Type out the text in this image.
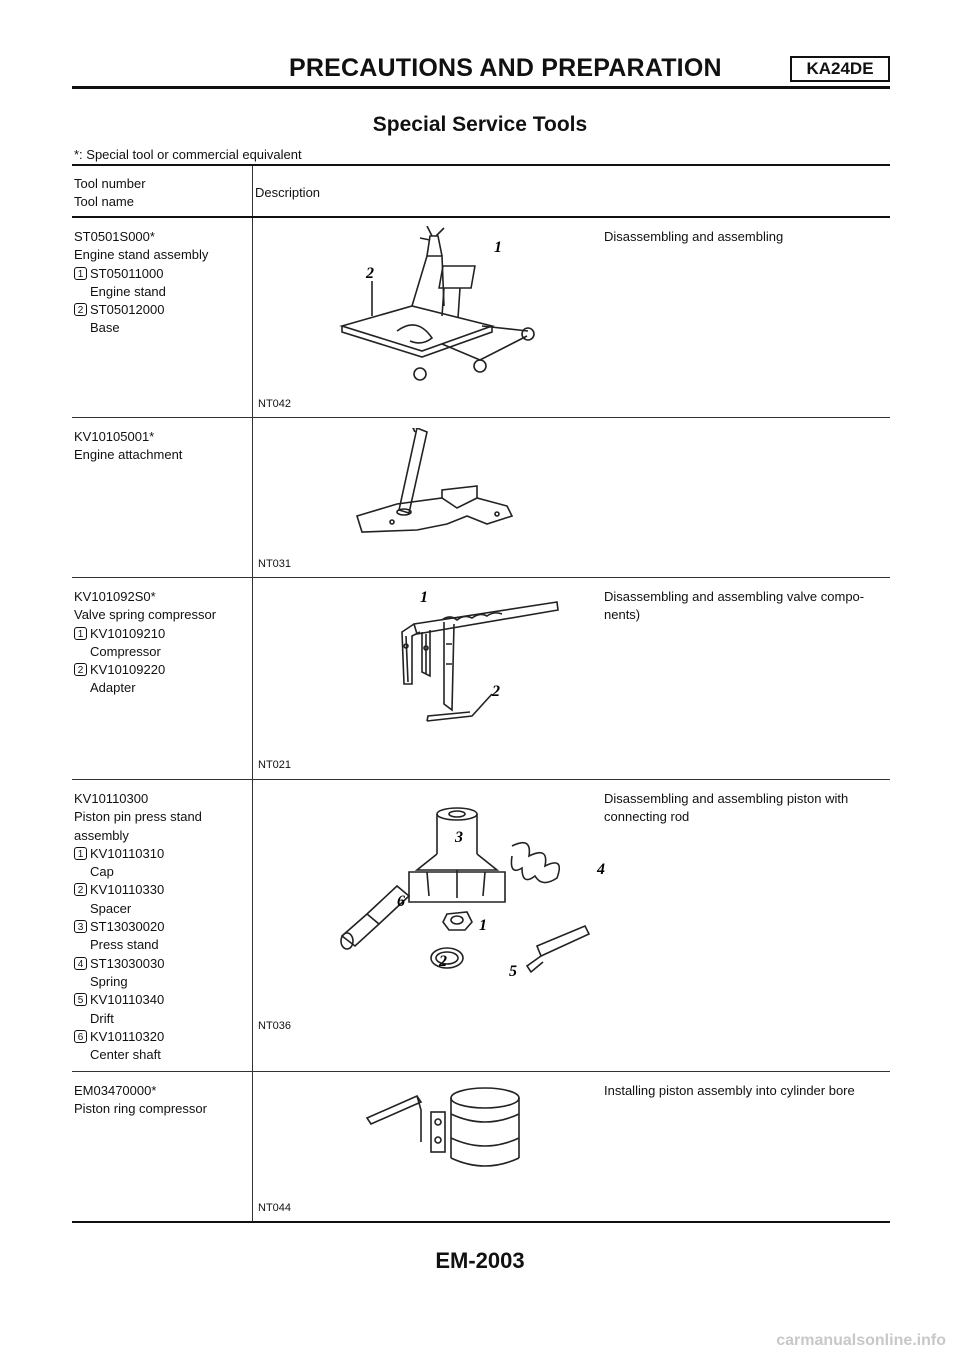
PRECAUTIONS AND PREPARATION	KA24DE
Special Service Tools
*: Special tool or commercial equivalent
Tool number
Tool name
Description
ST0501S000*
Engine stand assembly
1 ST05011000
Engine stand
2 ST05012000
Base
1
2
NT042
Disassembling and assembling
KV10105001*
Engine attachment
NT031
KV101092S0*
Valve spring compressor
1 KV10109210
Compressor
2 KV10109220
Adapter
1
2
NT021
Disassembling and assembling valve compo-nents)
KV10110300
Piston pin press stand assembly
1 KV10110310
Cap
2 KV10110330
Spacer
3 ST13030020
Press stand
4 ST13030030
Spring
5 KV10110340
Drift
6 KV10110320
Center shaft
3
4
6
1
2
5
NT036
Disassembling and assembling piston with connecting rod
EM03470000*
Piston ring compressor
NT044
Installing piston assembly into cylinder bore
EM-2003
carmanualsonline.info
